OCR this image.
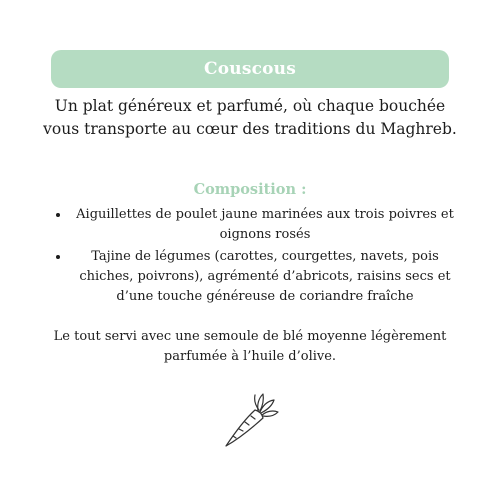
Couscous
Un plat généreux et parfumé, où chaque bouchée vous transporte au cœur des traditions du Maghreb.
Composition :
• Aiguillettes de poulet jaune marinées aux trois poivres et oignons rosés
• Tajine de légumes (carottes, courgettes, navets, pois chiches, poivrons), agrémenté d’abricots, raisins secs et d’une touche généreuse de coriandre fraîche
Le tout servi avec une semoule de blé moyenne légèrement parfumée à l’huile d’olive.
